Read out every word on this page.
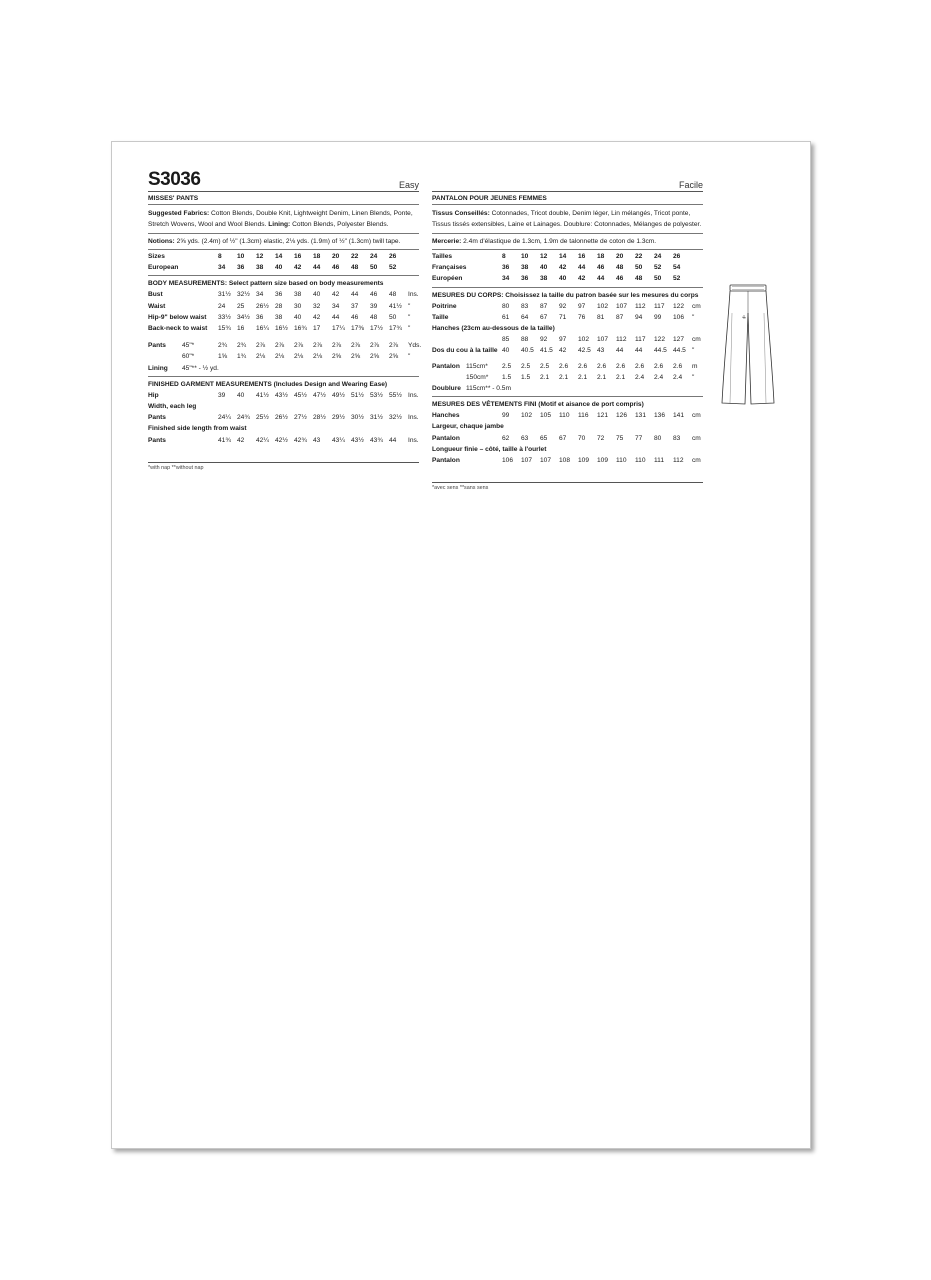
S3036	Easy
MISSES' PANTS
Suggested Fabrics: Cotton Blends, Double Knit, Lightweight Denim, Linen Blends, Ponte, Stretch Wovens, Wool and Wool Blends. Lining: Cotton Blends, Polyester Blends.
Notions: 2⅝ yds. (2.4m) of ½" (1.3cm) elastic, 2⅛ yds. (1.9m) of ½" (1.3cm) twill tape.
Sizes	8	10	12	14	16	18	20	22	24	26	
European	34	36	38	40	42	44	46	48	50	52	
BODY MEASUREMENTS: Select pattern size based on body measurements
Bust	31½	32½	34	36	38	40	42	44	46	48	Ins.
Waist	24	25	26½	28	30	32	34	37	39	41½	"
Hip-9" below waist	33½	34½	36	38	40	42	44	46	48	50	"
Back-neck to waist	15¾	16	16¼	16½	16¾	17	17¼	17⅜	17½	17¾	"
Pants	45"*	2¾	2¾	2⅞	2⅞	2⅞	2⅞	2⅞	2⅞	2⅞	2⅞	Yds.
	60"*	1⅝	1¾	2⅛	2⅛	2⅛	2⅛	2⅝	2⅝	2⅝	2⅝	"
Lining	45"** - ½ yd.											
FINISHED GARMENT MEASUREMENTS (Includes Design and Wearing Ease)
Hip	39	40	41½	43½	45½	47½	49½	51½	53½	55½	Ins.
Width, each leg											
Pants	24¼	24¾	25½	26½	27½	28½	29½	30½	31½	32½	Ins.
Finished side length from waist											
Pants	41¾	42	42¼	42½	42¾	43	43¼	43½	43¾	44	Ins.
*with nap **without nap
Facile
PANTALON POUR JEUNES FEMMES
Tissus Conseillés: Cotonnades, Tricot double, Denim léger, Lin mélangés, Tricot ponte, Tissus tissés extensibles, Laine et Lainages. Doublure: Cotonnades, Mélanges de polyester.
Mercerie: 2.4m d'élastique de 1.3cm, 1.9m de talonnette de coton de 1.3cm.
Tailles	8	10	12	14	16	18	20	22	24	26	
Françaises	36	38	40	42	44	46	48	50	52	54	
Européen	34	36	38	40	42	44	46	48	50	52	
MESURES DU CORPS: Choisissez la taille du patron basée sur les mesures du corps
Poitrine	80	83	87	92	97	102	107	112	117	122	cm
Taille	61	64	67	71	76	81	87	94	99	106	"
Hanches (23cm au-dessous de la taille)
	85	88	92	97	102	107	112	117	122	127	cm
Dos du cou à la taille	40	40.5	41.5	42	42.5	43	44	44	44.5	44.5	"
Pantalon	115cm*	2.5	2.5	2.5	2.6	2.6	2.6	2.6	2.6	2.6	2.6	m
	150cm*	1.5	1.5	2.1	2.1	2.1	2.1	2.1	2.4	2.4	2.4	"
Doublure	115cm** - 0.5m											
MESURES DES VÊTEMENTS FINI (Motif et aisance de port compris)
Hanches	99	102	105	110	116	121	126	131	136	141	cm
Largeur, chaque jambe											
Pantalon	62	63	65	67	70	72	75	77	80	83	cm
Longueur finie – côté, taille à l'ourlet											
Pantalon	106	107	107	108	109	109	110	110	111	112	cm
*avec sens **sans sens
